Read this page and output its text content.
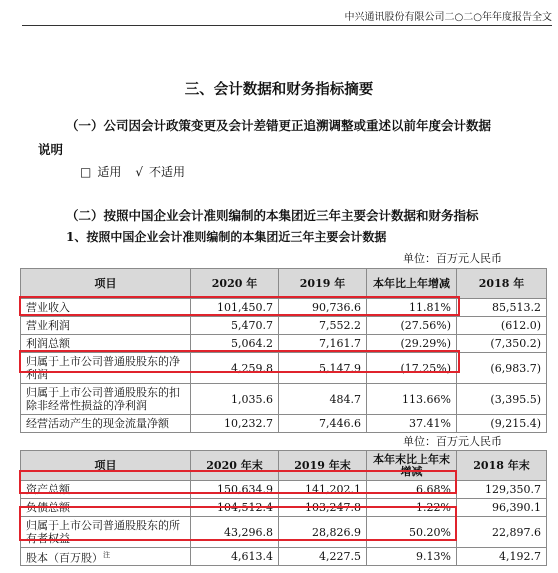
中兴通讯股份有限公司二○二○年年度报告全文
三、会计数据和财务指标摘要
（一）公司因会计政策变更及会计差错更正追溯调整或重述以前年度会计数据
说明
□ 适用 √ 不适用
（二）按照中国企业会计准则编制的本集团近三年主要会计数据和财务指标
1、按照中国企业会计准则编制的本集团近三年主要会计数据
单位：百万元人民币
项目	2020 年	2019 年	本年比上年增减	2018 年
营业收入	101,450.7	90,736.6	11.81%	85,513.2
营业利润	5,470.7	7,552.2	(27.56%)	(612.0)
利润总额	5,064.2	7,161.7	(29.29%)	(7,350.2)
归属于上市公司普通股股东的净利润	4,259.8	5,147.9	(17.25%)	(6,983.7)
归属于上市公司普通股股东的扣除非经常性损益的净利润	1,035.6	484.7	113.66%	(3,395.5)
经营活动产生的现金流量净额	10,232.7	7,446.6	37.41%	(9,215.4)
单位：百万元人民币
项目	2020 年末	2019 年末	本年末比上年末增减	2018 年末
资产总额	150,634.9	141,202.1	6.68%	129,350.7
负债总额	104,512.4	103,247.8	1.22%	96,390.1
归属于上市公司普通股股东的所有者权益	43,296.8	28,826.9	50.20%	22,897.6
股本（百万股）$^注$	4,613.4	4,227.5	9.13%	4,192.7
